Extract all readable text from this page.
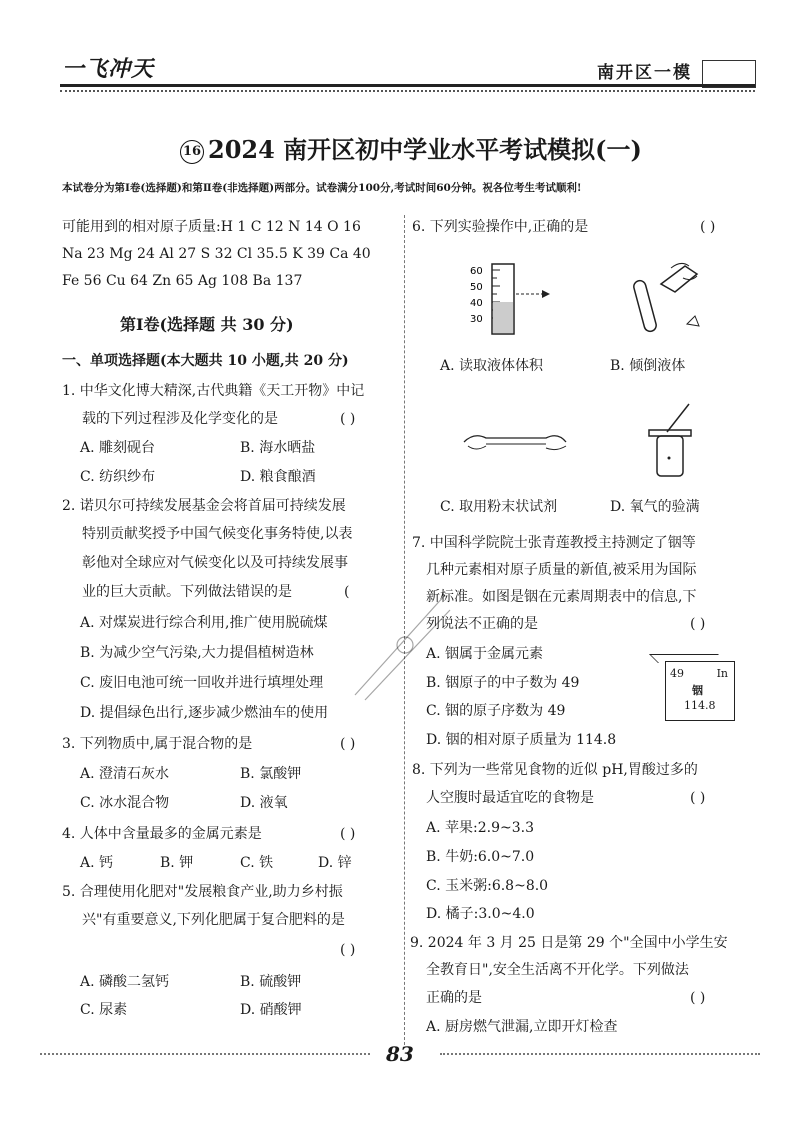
一飞冲天	南开区一模
16 2024 南开区初中学业水平考试模拟(一)
本试卷分为第Ⅰ卷(选择题)和第Ⅱ卷(非选择题)两部分。试卷满分100分,考试时间60分钟。祝各位考生考试顺利!
可能用到的相对原子质量:H 1 C 12 N 14 O 16
Na 23 Mg 24 Al 27 S 32 Cl 35.5 K 39 Ca 40
Fe 56 Cu 64 Zn 65 Ag 108 Ba 137
第Ⅰ卷(选择题 共 30 分)
一、单项选择题(本大题共 10 小题,共 20 分)
1. 中华文化博大精深,古代典籍《天工开物》中记
载的下列过程涉及化学变化的是	( )
A. 雕刻砚台	B. 海水晒盐
C. 纺织纱布	D. 粮食酿酒
2. 诺贝尔可持续发展基金会将首届可持续发展
特别贡献奖授予中国气候变化事务特使,以表
彰他对全球应对气候变化以及可持续发展事
业的巨大贡献。下列做法错误的是	(
A. 对煤炭进行综合利用,推广使用脱硫煤
B. 为减少空气污染,大力提倡植树造林
C. 废旧电池可统一回收并进行填埋处理
D. 提倡绿色出行,逐步减少燃油车的使用
3. 下列物质中,属于混合物的是	( )
A. 澄清石灰水	B. 氯酸钾
C. 冰水混合物	D. 液氧
4. 人体中含量最多的金属元素是	( )
A. 钙	B. 钾	C. 铁	D. 锌
5. 合理使用化肥对"发展粮食产业,助力乡村振
兴"有重要意义,下列化肥属于复合肥料的是
( )
A. 磷酸二氢钙	B. 硫酸钾
C. 尿素	D. 硝酸钾
6. 下列实验操作中,正确的是	( )
60
50
40
30
A. 读取液体体积	B. 倾倒液体
C. 取用粉末状试剂	D. 氧气的验满
7. 中国科学院院士张青莲教授主持测定了铟等
几种元素相对原子质量的新值,被采用为国际
新标准。如图是铟在元素周期表中的信息,下
列说法不正确的是	( )
A. 铟属于金属元素
B. 铟原子的中子数为 49
C. 铟的原子序数为 49
D. 铟的相对原子质量为 114.8
49	In
铟
114.8
8. 下列为一些常见食物的近似 pH,胃酸过多的
人空腹时最适宜吃的食物是	( )
A. 苹果:2.9~3.3
B. 牛奶:6.0~7.0
C. 玉米粥:6.8~8.0
D. 橘子:3.0~4.0
9. 2024 年 3 月 25 日是第 29 个"全国中小学生安
全教育日",安全生活离不开化学。下列做法
正确的是	( )
A. 厨房燃气泄漏,立即开灯检查
83
